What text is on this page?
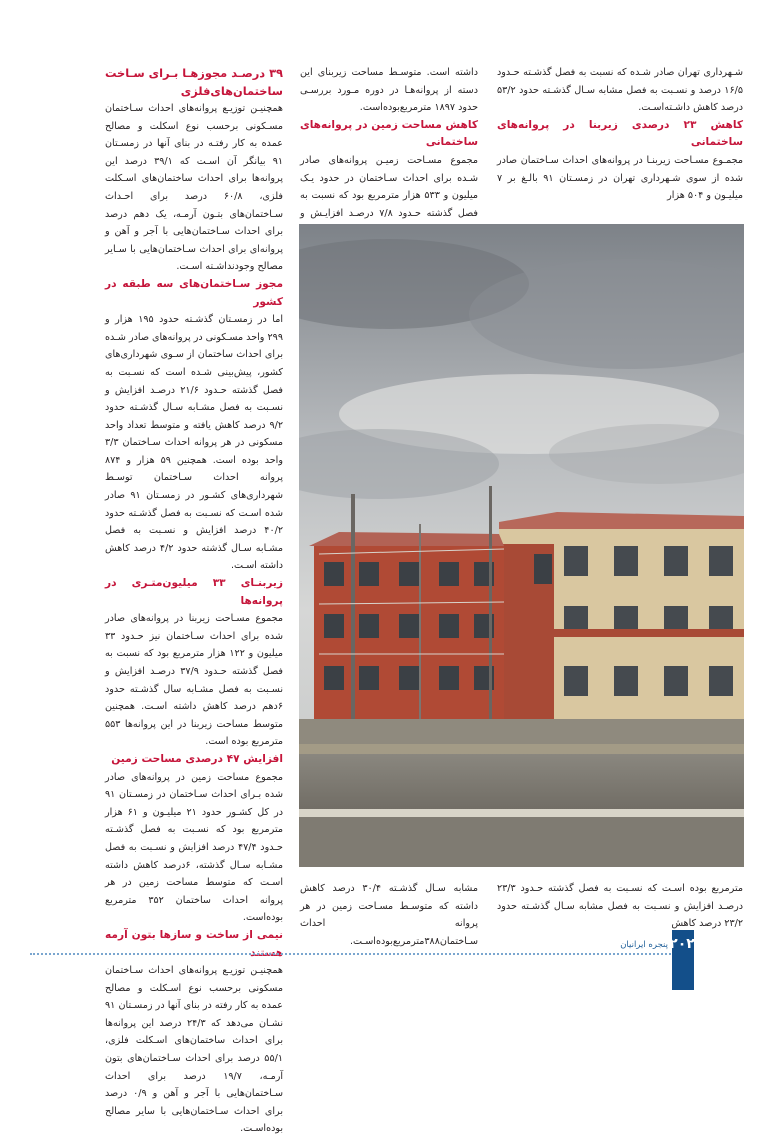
شـهرداری تهران صادر شـده که نسبت به فصل گذشـته حـدود ۱۶/۵ درصد و نسـبت به فصل مشابه سـال گذشـته حدود ۵۳/۲ درصد کاهش داشـته‌اسـت.

کاهش ۲۳ درصدی زیربنا در پروانه‌های ساختمانی

مجمـوع مسـاحت زیربنـا در پروانه‌های احداث سـاختمان صادر شده از سوی شـهرداری تهران در زمسـتان ۹۱ بالـغ بر ۷ میلیـون و ۵۰۴ هزار

داشته است. متوسـط مساحت زیربنای این دسته از پروانه‌هـا در دوره مـورد بررسـی حدود ۱۸۹۷ مترمربع‌بوده‌است.

کاهش مساحت زمین در پروانه‌های ساختمانی

مجموع مسـاحت زمیـن پروانه‌های صادر شـده برای احداث سـاختمان در حدود یـک میلیون و ۵۳۳ هزار مترمربع بود که نسبت به فصل گذشته حـدود ۷/۸ درصـد افزایـش و

۳۹ درصـد مجوزهـا بـرای سـاخت ساختمان‌های‌فلزی

همچنیـن توزیـع پروانه‌های احداث سـاختمان مسـکونی برحسب نوع اسکلت و مصالح عمده به کار رفتـه در بنای آنها در زمسـتان ۹۱ بیانگر آن اسـت که ۳۹/۱ درصد این پروانه‌ها برای احداث ساختمان‌های اسـکلت فلزی، ۶۰/۸ درصد برای احـداث سـاختمان‌های بتـون آرمـه، یک دهم درصد برای احداث سـاختمان‌هایی با آجر و آهن و پروانه‌ای برای احداث سـاختمان‌هایی با سـایر مصالح وجودنداشـته اسـت.

مجوز سـاختمان‌های سه طبقه در کشور

اما در زمسـتان گذشـته حدود ۱۹۵ هزار و ۲۹۹ واحد مسـکونی در پروانه‌های صادر شـده برای احداث ساختمان از سـوی شهرداری‌های کشور، پیش‌بینی شـده است که نسـبت به فصل گذشته حـدود ۲۱/۶ درصـد افزایش و نسـبت به فصل مشـابه سـال گذشـته حدود ۹/۲ درصد کاهش یافته و متوسط تعداد واحد مسکونی در هر پروانه احداث سـاختمان ۳/۳ واحد بوده است. همچنین ۵۹ هزار و ۸۷۴ پروانه احداث سـاختمان توسـط شهرداری‌های کشـور در زمسـتان ۹۱ صادر شده اسـت که نسـبت به فصل گذشـته حدود ۴۰/۲ درصد افزایش و نسـبت به فصل مشـابه سـال گذشته حدود ۴/۲ درصد کاهش داشته اسـت.

زیربنـای ۳۳ میلیون‌متـری در پروانه‌ها

مجموع مسـاحت زیربنا در پروانه‌های صادر شده برای احداث سـاختمان نیز حـدود ۳۳ میلیون و ۱۲۲ هزار مترمربع بود که نسبت به فصل گذشته حـدود ۳۷/۹ درصـد افزایش و نسـبت به فصل مشـابه سال گذشـته حدود ۶دهم درصد کاهش داشته اسـت. همچنین متوسط مساحت زیربنا در این پروانه‌ها ۵۵۳ مترمربع بوده است.

افزایش ۴۷ درصدی مساحت زمین

مجموع مساحت زمین در پروانه‌های صادر شده بـرای احداث سـاختمان در زمسـتان ۹۱ در کل کشـور حدود ۲۱ میلیـون و ۶۱ هزار مترمربع بود که نسـبت به فصل گذشـته حـدود ۴۷/۴ درصد افزایش و نسـبت به فصل مشـابه سـال گذشته، ۶درصد کاهش داشته اسـت که متوسط مساحت زمین در هر پروانه احداث ساختمان ۳۵۲ مترمربع بوده‌است.

نیمی از ساخت و سازها بتون آرمه هستند

همچنیـن توزیـع پروانه‌های احداث سـاختمان مسکونی برحسب نوع اسـکلت و مصالح عمده به کار رفته در بنای آنها در زمسـتان ۹۱ نشـان می‌دهد که ۲۴/۳ درصد این پروانه‌ها برای احداث ساختمان‌های اسـکلت فلزی، ۵۵/۱ درصد برای احداث سـاختمان‌های بتون آرمـه، ۱۹/۷ درصد برای احداث سـاختمان‌هایی با آجر و آهن و ۰/۹ درصد برای احداث سـاختمان‌هایی با سایر مصالح بوده‌اسـت.

مترمربع بوده اسـت که نسـبت به فصل گذشته حـدود ۲۳/۳ درصـد افزایش و نسـبت به فصل مشابه سـال گذشـته حدود ۲۳/۲ درصد کاهش

مشابه سـال گذشـته ۳۰/۴ درصد کاهش داشته که متوسـط مسـاحت زمین در هر پروانه احداث سـاختمان۳۸۸مترمربع‌بوده‌اسـت.	پنجره ایرانیان ۲۰۲
